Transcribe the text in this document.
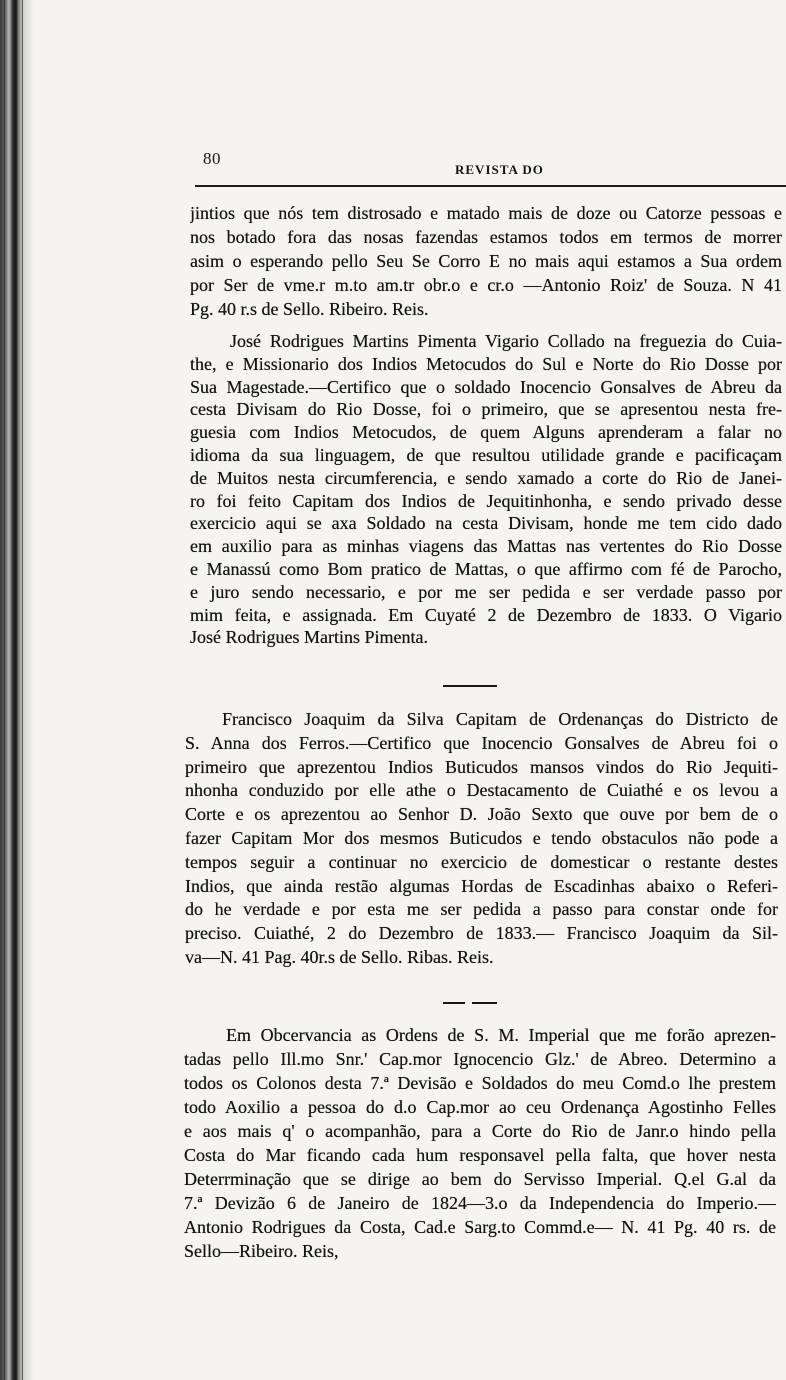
80
REVISTA DO
jintios que nós tem distrosado e matado mais de doze ou Catorze pessoas e
nos botado fora das nosas fazendas estamos todos em termos de morrer
asim o esperando pello Seu Se Corro E no mais aqui estamos a Sua ordem
por Ser de vme.r m.to am.tr obr.o e cr.o —Antonio Roiz' de Souza. N 41
Pg. 40 r.s de Sello. Ribeiro. Reis.
José Rodrigues Martins Pimenta Vigario Collado na freguezia do Cuia-
the, e Missionario dos Indios Metocudos do Sul e Norte do Rio Dosse por
Sua Magestade.—Certifico que o soldado Inocencio Gonsalves de Abreu da
cesta Divisam do Rio Dosse, foi o primeiro, que se apresentou nesta fre-
guesia com Indios Metocudos, de quem Alguns aprenderam a falar no
idioma da sua linguagem, de que resultou utilidade grande e pacificaçam
de Muitos nesta circumferencia, e sendo xamado a corte do Rio de Janei-
ro foi feito Capitam dos Indios de Jequitinhonha, e sendo privado desse
exercicio aqui se axa Soldado na cesta Divisam, honde me tem cido dado
em auxilio para as minhas viagens das Mattas nas vertentes do Rio Dosse
e Manassú como Bom pratico de Mattas, o que affirmo com fé de Parocho,
e juro sendo necessario, e por me ser pedida e ser verdade passo por
mim feita, e assignada. Em Cuyaté 2 de Dezembro de 1833. O Vigario
José Rodrigues Martins Pimenta.
Francisco Joaquim da Silva Capitam de Ordenanças do Districto de
S. Anna dos Ferros.—Certifico que Inocencio Gonsalves de Abreu foi o
primeiro que aprezentou Indios Buticudos mansos vindos do Rio Jequiti-
nhonha conduzido por elle athe o Destacamento de Cuiathé e os levou a
Corte e os aprezentou ao Senhor D. João Sexto que ouve por bem de o
fazer Capitam Mor dos mesmos Buticudos e tendo obstaculos não pode a
tempos seguir a continuar no exercicio de domesticar o restante destes
Indios, que ainda restão algumas Hordas de Escadinhas abaixo o Referi-
do he verdade e por esta me ser pedida a passo para constar onde for
preciso. Cuiathé, 2 do Dezembro de 1833.— Francisco Joaquim da Sil-
va—N. 41 Pag. 40r.s de Sello. Ribas. Reis.
Em Obcervancia as Ordens de S. M. Imperial que me forão aprezen-
tadas pello Ill.mo Snr.' Cap.mor Ignocencio Glz.' de Abreo. Determino a
todos os Colonos desta 7.ª Devisão e Soldados do meu Comd.o lhe prestem
todo Aoxilio a pessoa do d.o Cap.mor ao ceu Ordenança Agostinho Felles
e aos mais q' o acompanhão, para a Corte do Rio de Janr.o hindo pella
Costa do Mar ficando cada hum responsavel pella falta, que hover nesta
Deterrminação que se dirige ao bem do Servisso Imperial. Q.el G.al da
7.ª Devizão 6 de Janeiro de 1824—3.o da Independencia do Imperio.—
Antonio Rodrigues da Costa, Cad.e Sarg.to Commd.e— N. 41 Pg. 40 rs. de
Sello—Ribeiro. Reis,
